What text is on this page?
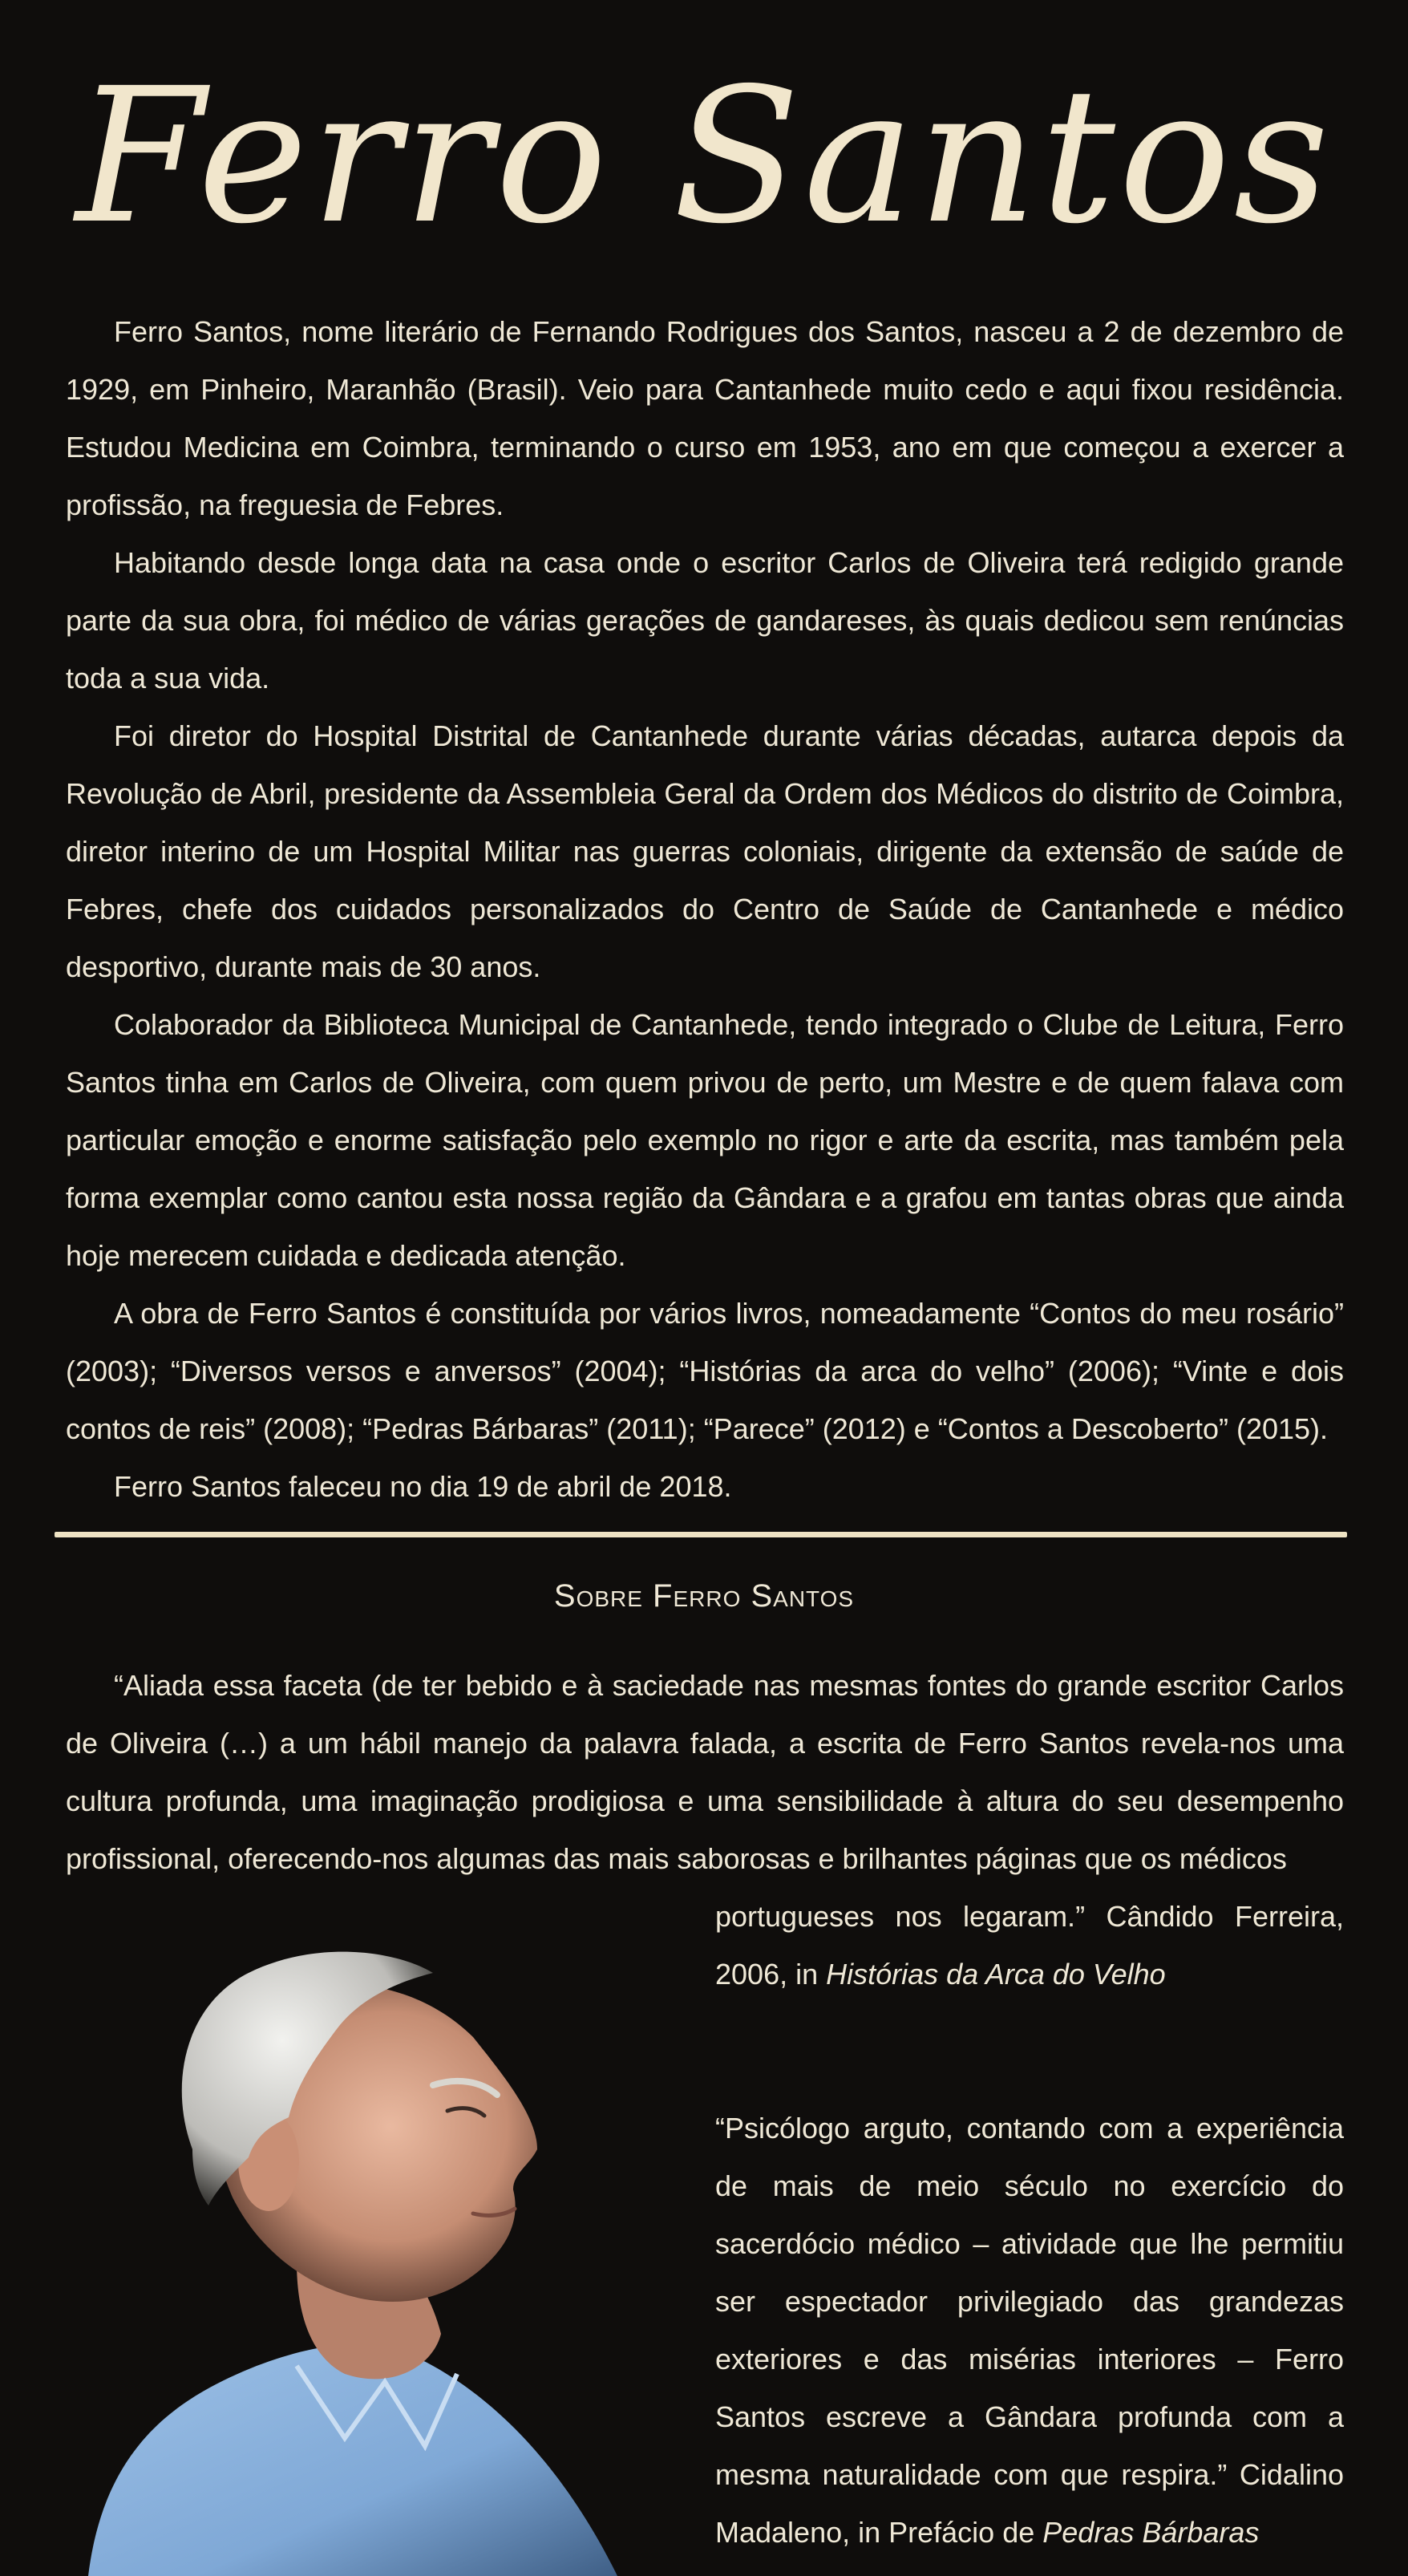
Ferro Santos

Ferro Santos, nome literário de Fernando Rodrigues dos Santos, nasceu a 2 de dezembro de 1929, em Pinheiro, Maranhão (Brasil). Veio para Cantanhede muito cedo e aqui fixou residência. Estudou Medicina em Coimbra, terminando o curso em 1953, ano em que começou a exercer a profissão, na freguesia de Febres.

Habitando desde longa data na casa onde o escritor Carlos de Oliveira terá redigido grande parte da sua obra, foi médico de várias gerações de gandareses, às quais dedicou sem renúncias toda a sua vida.

Foi diretor do Hospital Distrital de Cantanhede durante várias décadas, autarca depois da Revolução de Abril, presidente da Assembleia Geral da Ordem dos Médicos do distrito de Coimbra, diretor interino de um Hospital Militar nas guerras coloniais, dirigente da extensão de saúde de Febres, chefe dos cuidados personalizados do Centro de Saúde de Cantanhede e médico desportivo, durante mais de 30 anos.

Colaborador da Biblioteca Municipal de Cantanhede, tendo integrado o Clube de Leitura, Ferro Santos tinha em Carlos de Oliveira, com quem privou de perto, um Mestre e de quem falava com particular emoção e enorme satisfação pelo exemplo no rigor e arte da escrita, mas também pela forma exemplar como cantou esta nossa região da Gândara e a grafou em tantas obras que ainda hoje merecem cuidada e dedicada atenção.

A obra de Ferro Santos é constituída por vários livros, nomeadamente “Contos do meu rosário” (2003); “Diversos versos e anversos” (2004); “Histórias da arca do velho” (2006); “Vinte e dois contos de reis” (2008); “Pedras Bárbaras” (2011); “Parece” (2012) e “Contos a Descoberto” (2015).

Ferro Santos faleceu no dia 19 de abril de 2018.

Sobre Ferro Santos

“Aliada essa faceta (de ter bebido e à saciedade nas mesmas fontes do grande escritor Carlos de Oliveira (…) a um hábil manejo da palavra falada, a escrita de Ferro Santos revela-nos uma cultura profunda, uma imaginação prodigiosa e uma sensibilidade à altura do seu desempenho profissional, oferecendo-nos algumas das mais saborosas e brilhantes páginas que os médicos

portugueses nos legaram.” Cândido Ferreira, 2006, in Histórias da Arca do Velho
“Psicólogo arguto, contando com a experiência de mais de meio século no exercício do sacerdócio médico – atividade que lhe permitiu ser espectador privilegiado das grandezas exteriores e das misérias interiores – Ferro Santos escreve a Gândara profunda com a mesma naturalidade com que respira.” Cidalino Madaleno, in Prefácio de Pedras Bárbaras
